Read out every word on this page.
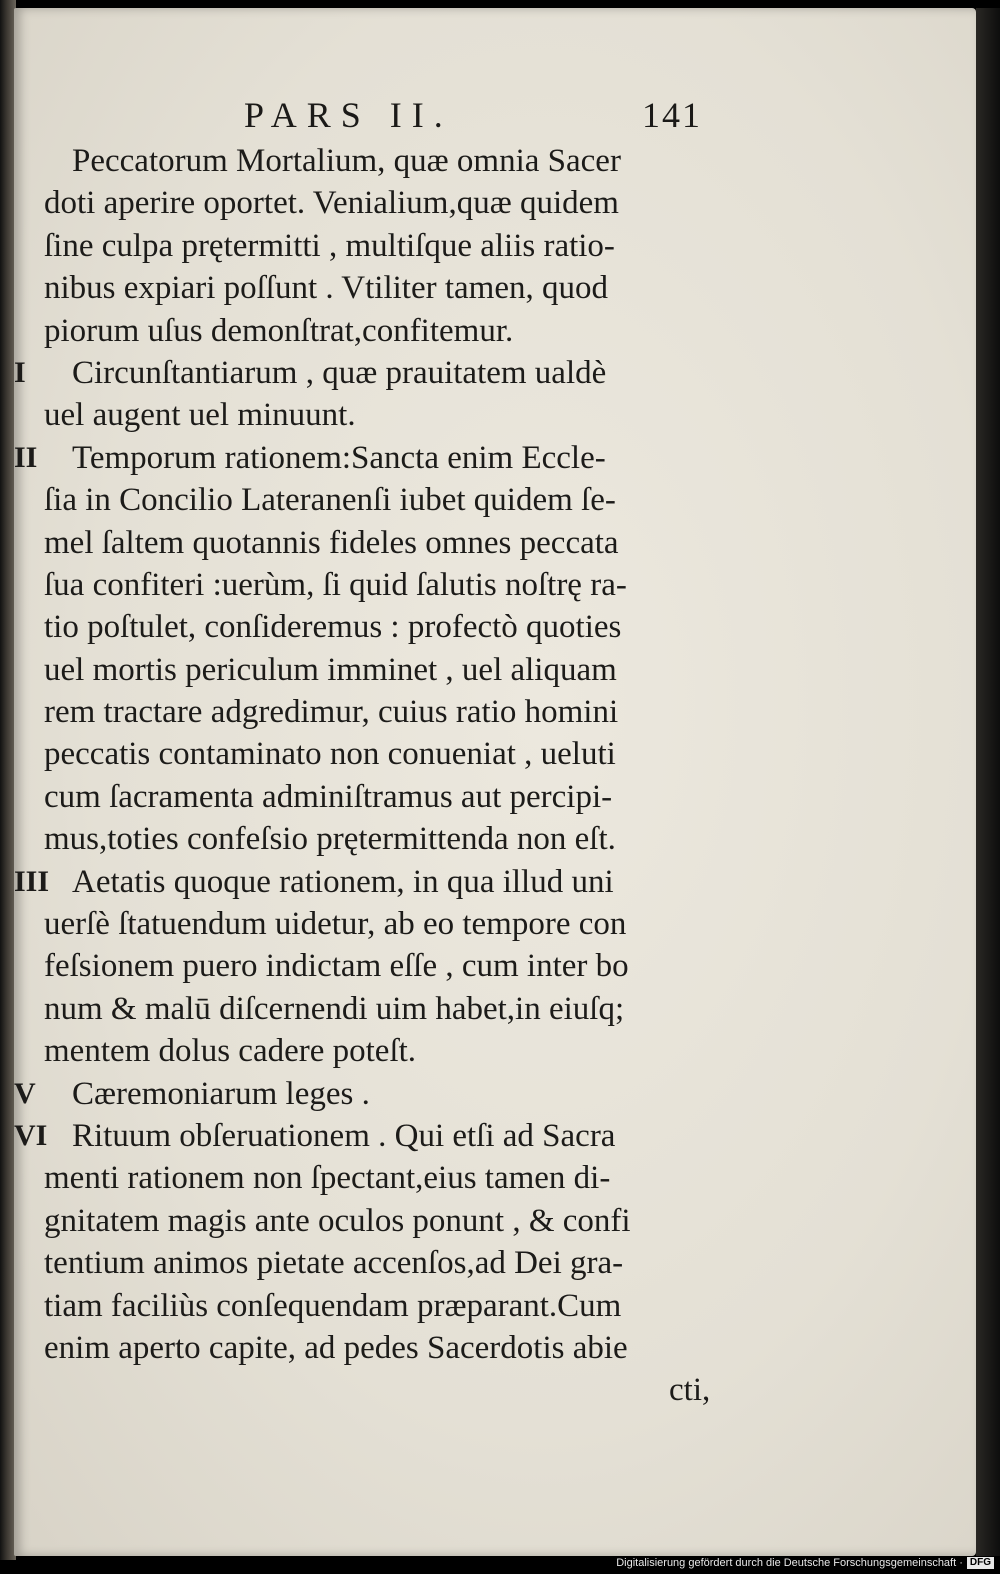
PARS II.	141
Peccatorum Mortalium, quæ omnia Sacer
doti aperire oportet. Venialium,quæ quidem
ſine culpa prętermitti , multiſque aliis ratio-
nibus expiari poſſunt . Vtiliter tamen, quod
piorum uſus demonſtrat,confitemur.
I	Circunſtantiarum , quæ prauitatem ualdè
uel augent uel minuunt.
II	Temporum rationem:Sanctа enim Eccle-
ſia in Concilio Lateranenſi iubet quidem ſe-
mel ſaltem quotannis fideles omnes peccata
ſua confiteri :uerùm, ſi quid ſalutis noſtrę ra-
tio poſtulet, conſideremus : profectò quoties
uel mortis periculum imminet , uel aliquam
rem tractare adgredimur, cuius ratio homini
peccatis contaminato non conueniat , ueluti
cum ſacramenta adminiſtramus aut percipi-
mus,toties confeſsio prętermittenda non eſt.
III Aetatis quoque rationem, in qua illud uni
uerſè ſtatuendum uidetur, ab eo tempore con
feſsionem puero indictam eſſe , cum inter bo
num & malū diſcernendi uim habet,in eiuſq;
mentem dolus cadere poteſt.
V	Cæremoniarum leges .
VI Rituum obſeruationem . Qui etſi ad Sacra
menti rationem non ſpectant,eius tamen di-
gnitatem magis ante oculos ponunt , & confi
tentium animos pietate accenſos,ad Dei gra-
tiam faciliùs conſequendam præparant.Cum
enim aperto capite, ad pedes Sacerdotis abie
cti,
Digitalisierung gefördert durch die Deutsche Forschungsgemeinschaft · DFG
